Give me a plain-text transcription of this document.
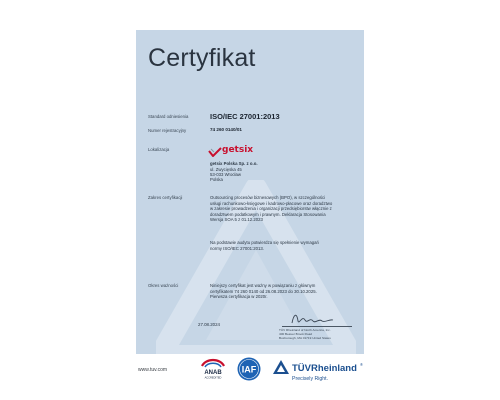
Certyfikat
Standard odniesienia	ISO/IEC 27001:2013
Numer rejestracyjny	74 260 0140/01
Lokalizacja	getsix
getsix Polska Sp. z o.o.
ul. Zwycięska 45
53-033 Wrocław
Polska
Zakres certyfikacji	Outsourcing procesów biznesowych (BPO), w szczególności
usługi rachunkowo-księgowe i kadrowo-płacowe oraz doradztwo
w zakresie prowadzenia i organizacji przedsiębiorstw włącznie z
doradztwem podatkowym i prawnym. Deklaracja Stosowania
Wersja SOA 5 z 01.12.2023
Na podstawie audytu potwierdza się spełnienie wymagań
normy ISO/IEC 27001:2013.
Okres ważności	Niniejszy certyfikat jest ważny w powiązaniu z głównym
certyfikatem 74 260 0140 od 26.08.2023 do 30.10.2025.
Pierwsza certyfikacja w 2020r.
27.08.2024
TÜV Rheinland of North America, Inc.
400 Beaver Brook Road
Boxborough, MA 01719 United States
www.tuv.com	ANAB
ACCREDITED
IAF	TÜVRheinland ®
Precisely Right.
